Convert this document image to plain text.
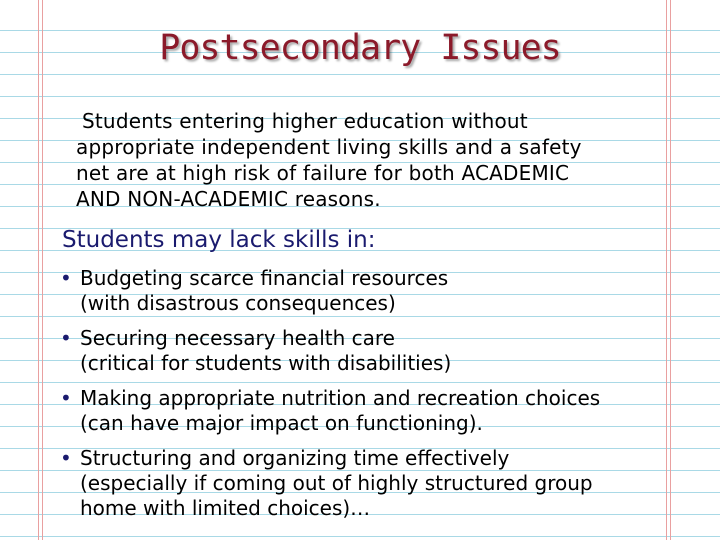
Postsecondary Issues
Students entering higher education without
appropriate independent living skills and a safety
net are at high risk of failure for both ACADEMIC
AND NON-ACADEMIC reasons.
Students may lack skills in:
• Budgeting scarce financial resources
(with disastrous consequences)
• Securing necessary health care
(critical for students with disabilities)
• Making appropriate nutrition and recreation choices
(can have major impact on functioning).
• Structuring and organizing time effectively
(especially if coming out of highly structured group
home with limited choices)…
